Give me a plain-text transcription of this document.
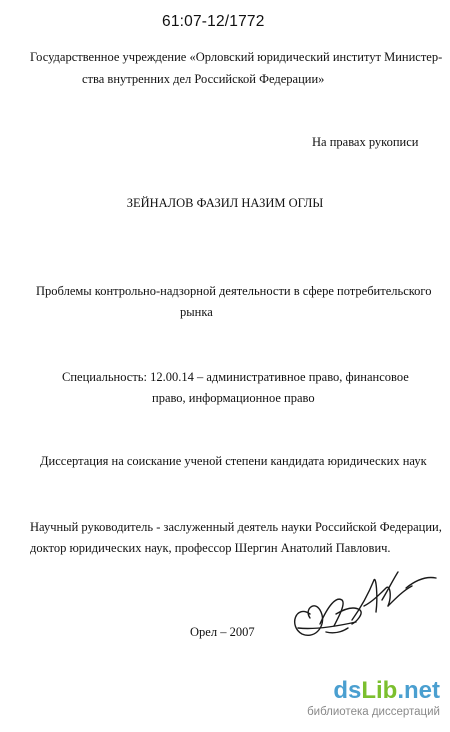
61:07-12/1772
Государственное учреждение «Орловский юридический институт Министер-
ства внутренних дел Российской Федерации»
На правах рукописи
ЗЕЙНАЛОВ ФАЗИЛ НАЗИМ ОГЛЫ
Проблемы контрольно-надзорной деятельности в сфере потребительского
рынка
Специальность: 12.00.14 – административное право, финансовое
право, информационное право
Диссертация на соискание ученой степени кандидата юридических наук
Научный руководитель - заслуженный деятель науки Российской Федерации,
доктор юридических наук, профессор Шергин Анатолий Павлович.
Орел – 2007
dsLib.net
библиотека диссертаций
